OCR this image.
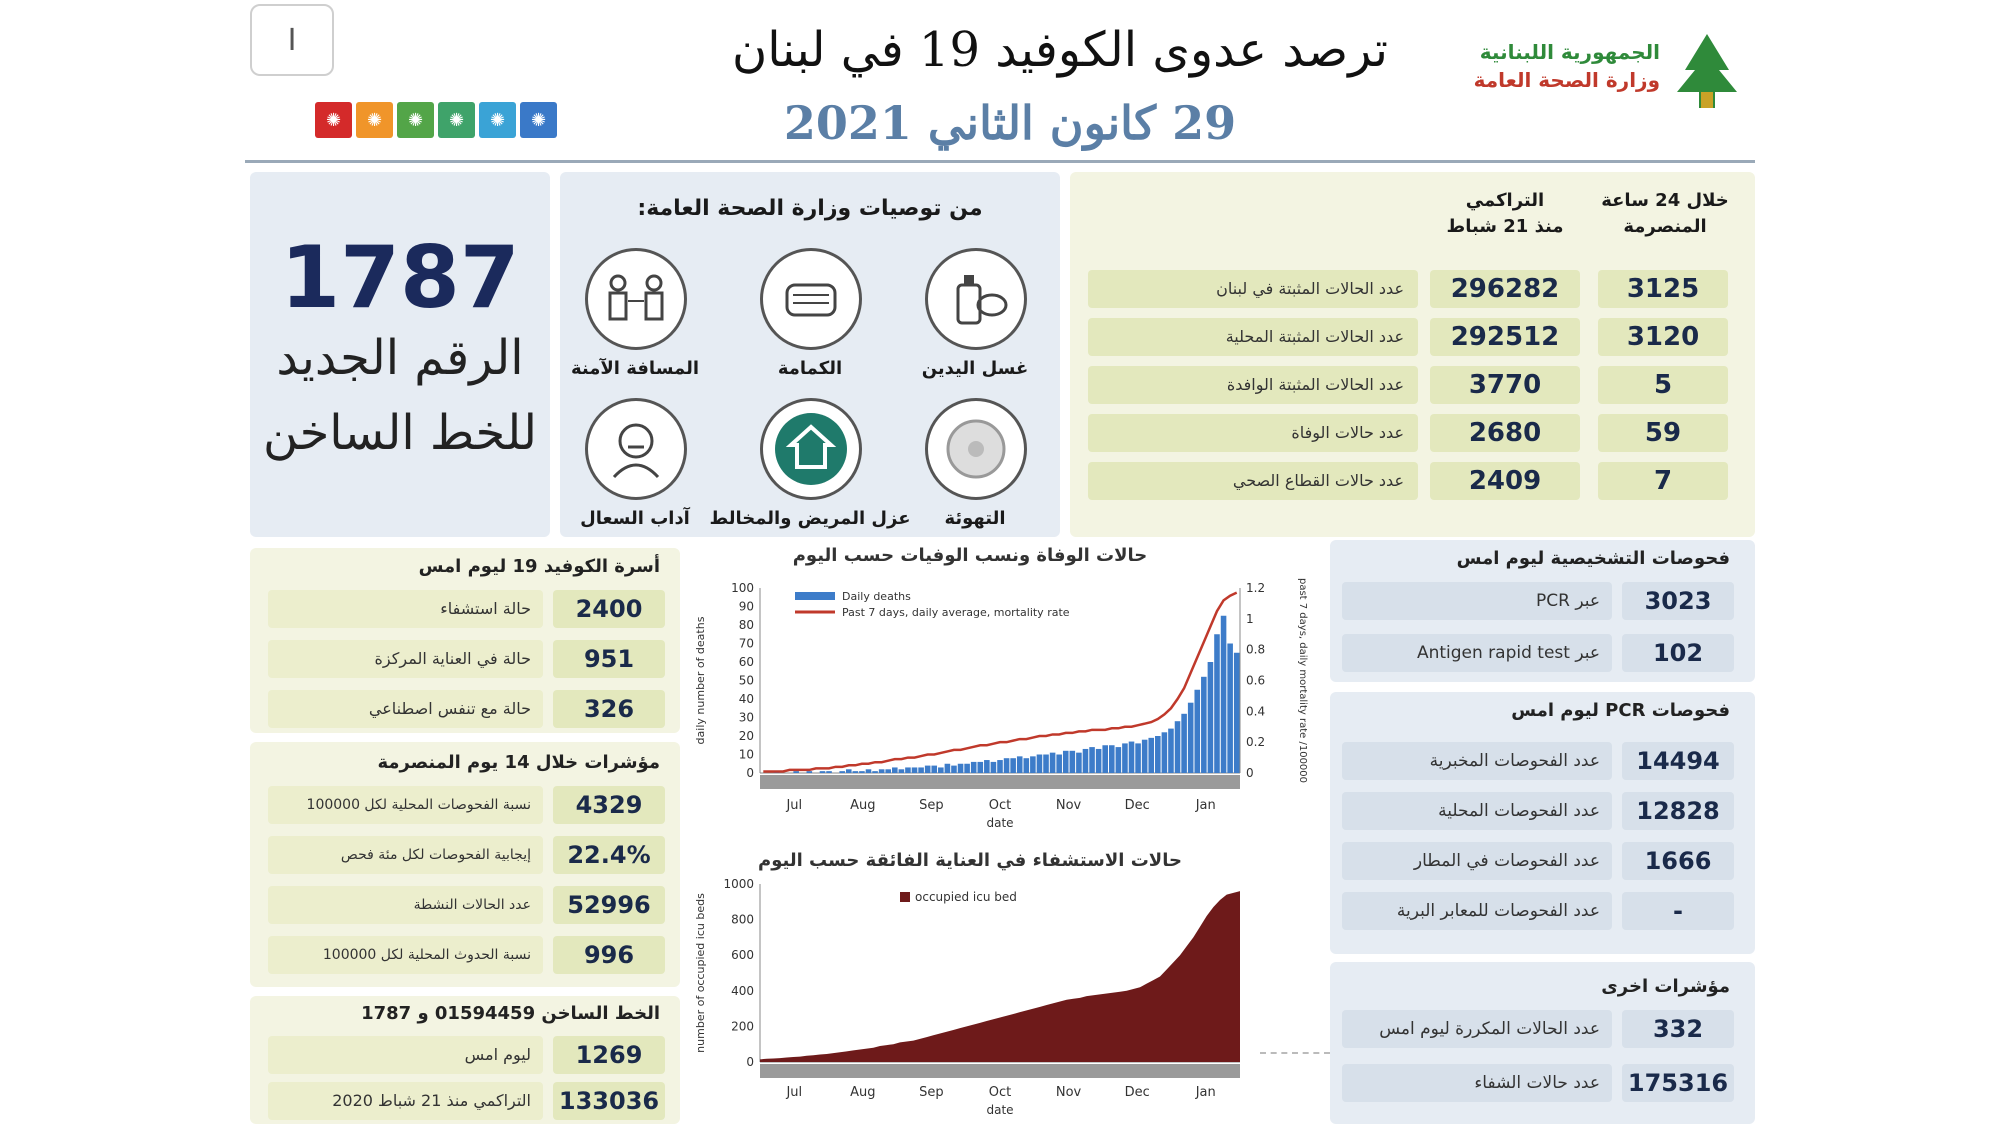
I
✺	✺	✺	✺	✺	✺
ترصد عدوى الكوفيد 19 في لبنان
29 كانون الثاني 2021
الجمهورية اللبنانية
وزارة الصحة العامة
1787
الرقم الجديد
للخط الساخن
من توصيات وزارة الصحة العامة:
غسل اليدين
الكمامة
المسافة الآمنة
التهوئة
عزل المريض والمخالط
آداب السعال
خلال 24 ساعة المنصرمة
التراكمي
منذ 21 شباط
عدد الحالات المثبتة في لبنان	296282	3125
عدد الحالات المثبتة المحلية	292512	3120
عدد الحالات المثبتة الوافدة	3770	5
عدد حالات الوفاة	2680	59
عدد حالات القطاع الصحي	2409	7
أسرة الكوفيد 19 ليوم امس
حالة استشفاء	2400
حالة في العناية المركزة	951
حالة مع تنفس اصطناعي	326
مؤشرات خلال 14 يوم المنصرمة
نسبة الفحوصات المحلية لكل 100000	4329
إيجابية الفحوصات لكل مئة فحص	22.4%
عدد الحالات النشطة	52996
نسبة الحدوث المحلية لكل 100000	996
الخط الساخن 01594459 و 1787
ليوم امس	1269
التراكمي منذ 21 شباط 2020	133036
فحوصات التشخيصية ليوم امس
عبر PCR	3023
عبر Antigen rapid test	102
فحوصات PCR ليوم امس
عدد الفحوصات المخبرية	14494
عدد الفحوصات المحلية	12828
عدد الفحوصات في المطار	1666
عدد الفحوصات للمعابر البرية	-
مؤشرات اخرى
عدد الحالات المكررة ليوم امس	332
عدد حالات الشفاء	175316
حالات الوفاة ونسب الوفيات حسب اليوم
0
10
20
30
40
50
60
70
80
90
100
0
0.2
0.4
0.6
0.8
1
1.2
Jul	Aug	Sep	Oct	Nov	Dec	Jan
date
daily number of deaths	past 7 days, daily mortality rate /100000
Daily deaths
Past 7 days, daily average, mortality rate
حالات الاستشفاء في العناية الفائقة حسب اليوم
0
200
400
600
800
1000
Jul	Aug	Sep	Oct	Nov	Dec	Jan
date
number of occupied icu beds	occupied icu bed
